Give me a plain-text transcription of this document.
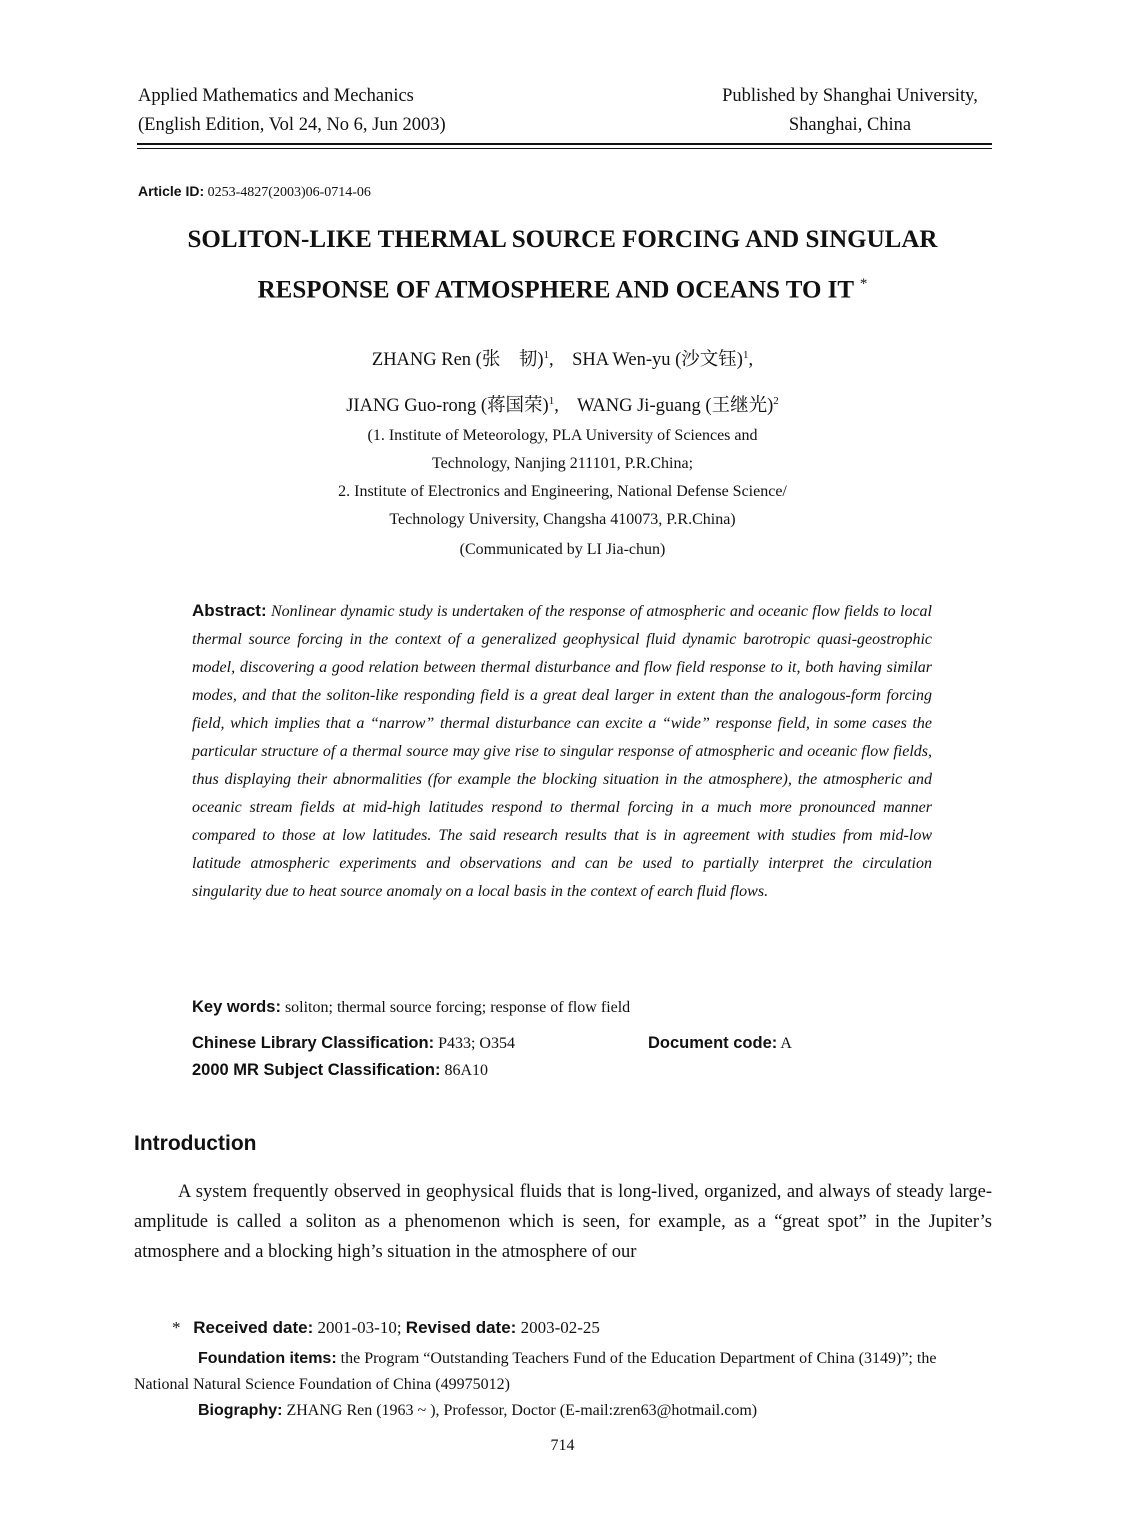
Applied Mathematics and Mechanics
(English Edition, Vol 24, No 6, Jun 2003)
Published by Shanghai University,
Shanghai, China
Article ID: 0253-4827(2003)06-0714-06
SOLITON-LIKE THERMAL SOURCE FORCING AND SINGULAR
RESPONSE OF ATMOSPHERE AND OCEANS TO IT *
ZHANG Ren (张　韧)$^1$,    SHA Wen-yu (沙文钰)$^1$,
JIANG Guo-rong (蒋国荣)$^1$,    WANG Ji-guang (王继光)$^2$
(1. Institute of Meteorology, PLA University of Sciences and
Technology, Nanjing 211101, P.R.China;
2. Institute of Electronics and Engineering, National Defense Science/
Technology University, Changsha 410073, P.R.China)
(Communicated by LI Jia-chun)
Abstract: Nonlinear dynamic study is undertaken of the response of atmospheric and oceanic flow fields to local thermal source forcing in the context of a generalized geophysical fluid dynamic barotropic quasi-geostrophic model, discovering a good relation between thermal disturbance and flow field response to it, both having similar modes, and that the soliton-like responding field is a great deal larger in extent than the analogous-form forcing field, which implies that a “narrow” thermal disturbance can excite a “wide” response field, in some cases the particular structure of a thermal source may give rise to singular response of atmospheric and oceanic flow fields, thus displaying their abnormalities (for example the blocking situation in the atmosphere), the atmospheric and oceanic stream fields at mid-high latitudes respond to thermal forcing in a much more pronounced manner compared to those at low latitudes. The said research results that is in agreement with studies from mid-low latitude atmospheric experiments and observations and can be used to partially interpret the circulation singularity due to heat source anomaly on a local basis in the context of earch fluid flows.
Key words: soliton; thermal source forcing; response of flow field
Chinese Library Classification: P433; O354	Document code: A
2000 MR Subject Classification: 86A10
Introduction
A system frequently observed in geophysical fluids that is long-lived, organized, and always of steady large-amplitude is called a soliton as a phenomenon which is seen, for example, as a “great spot” in the Jupiter’s atmosphere and a blocking high’s situation in the atmosphere of our
* Received date: 2001-03-10; Revised date: 2003-02-25
Foundation items: the Program “Outstanding Teachers Fund of the Education Department of China (3149)”; the National Natural Science Foundation of China (49975012)
Biography: ZHANG Ren (1963 ~ ), Professor, Doctor (E-mail:zren63@hotmail.com)
714
